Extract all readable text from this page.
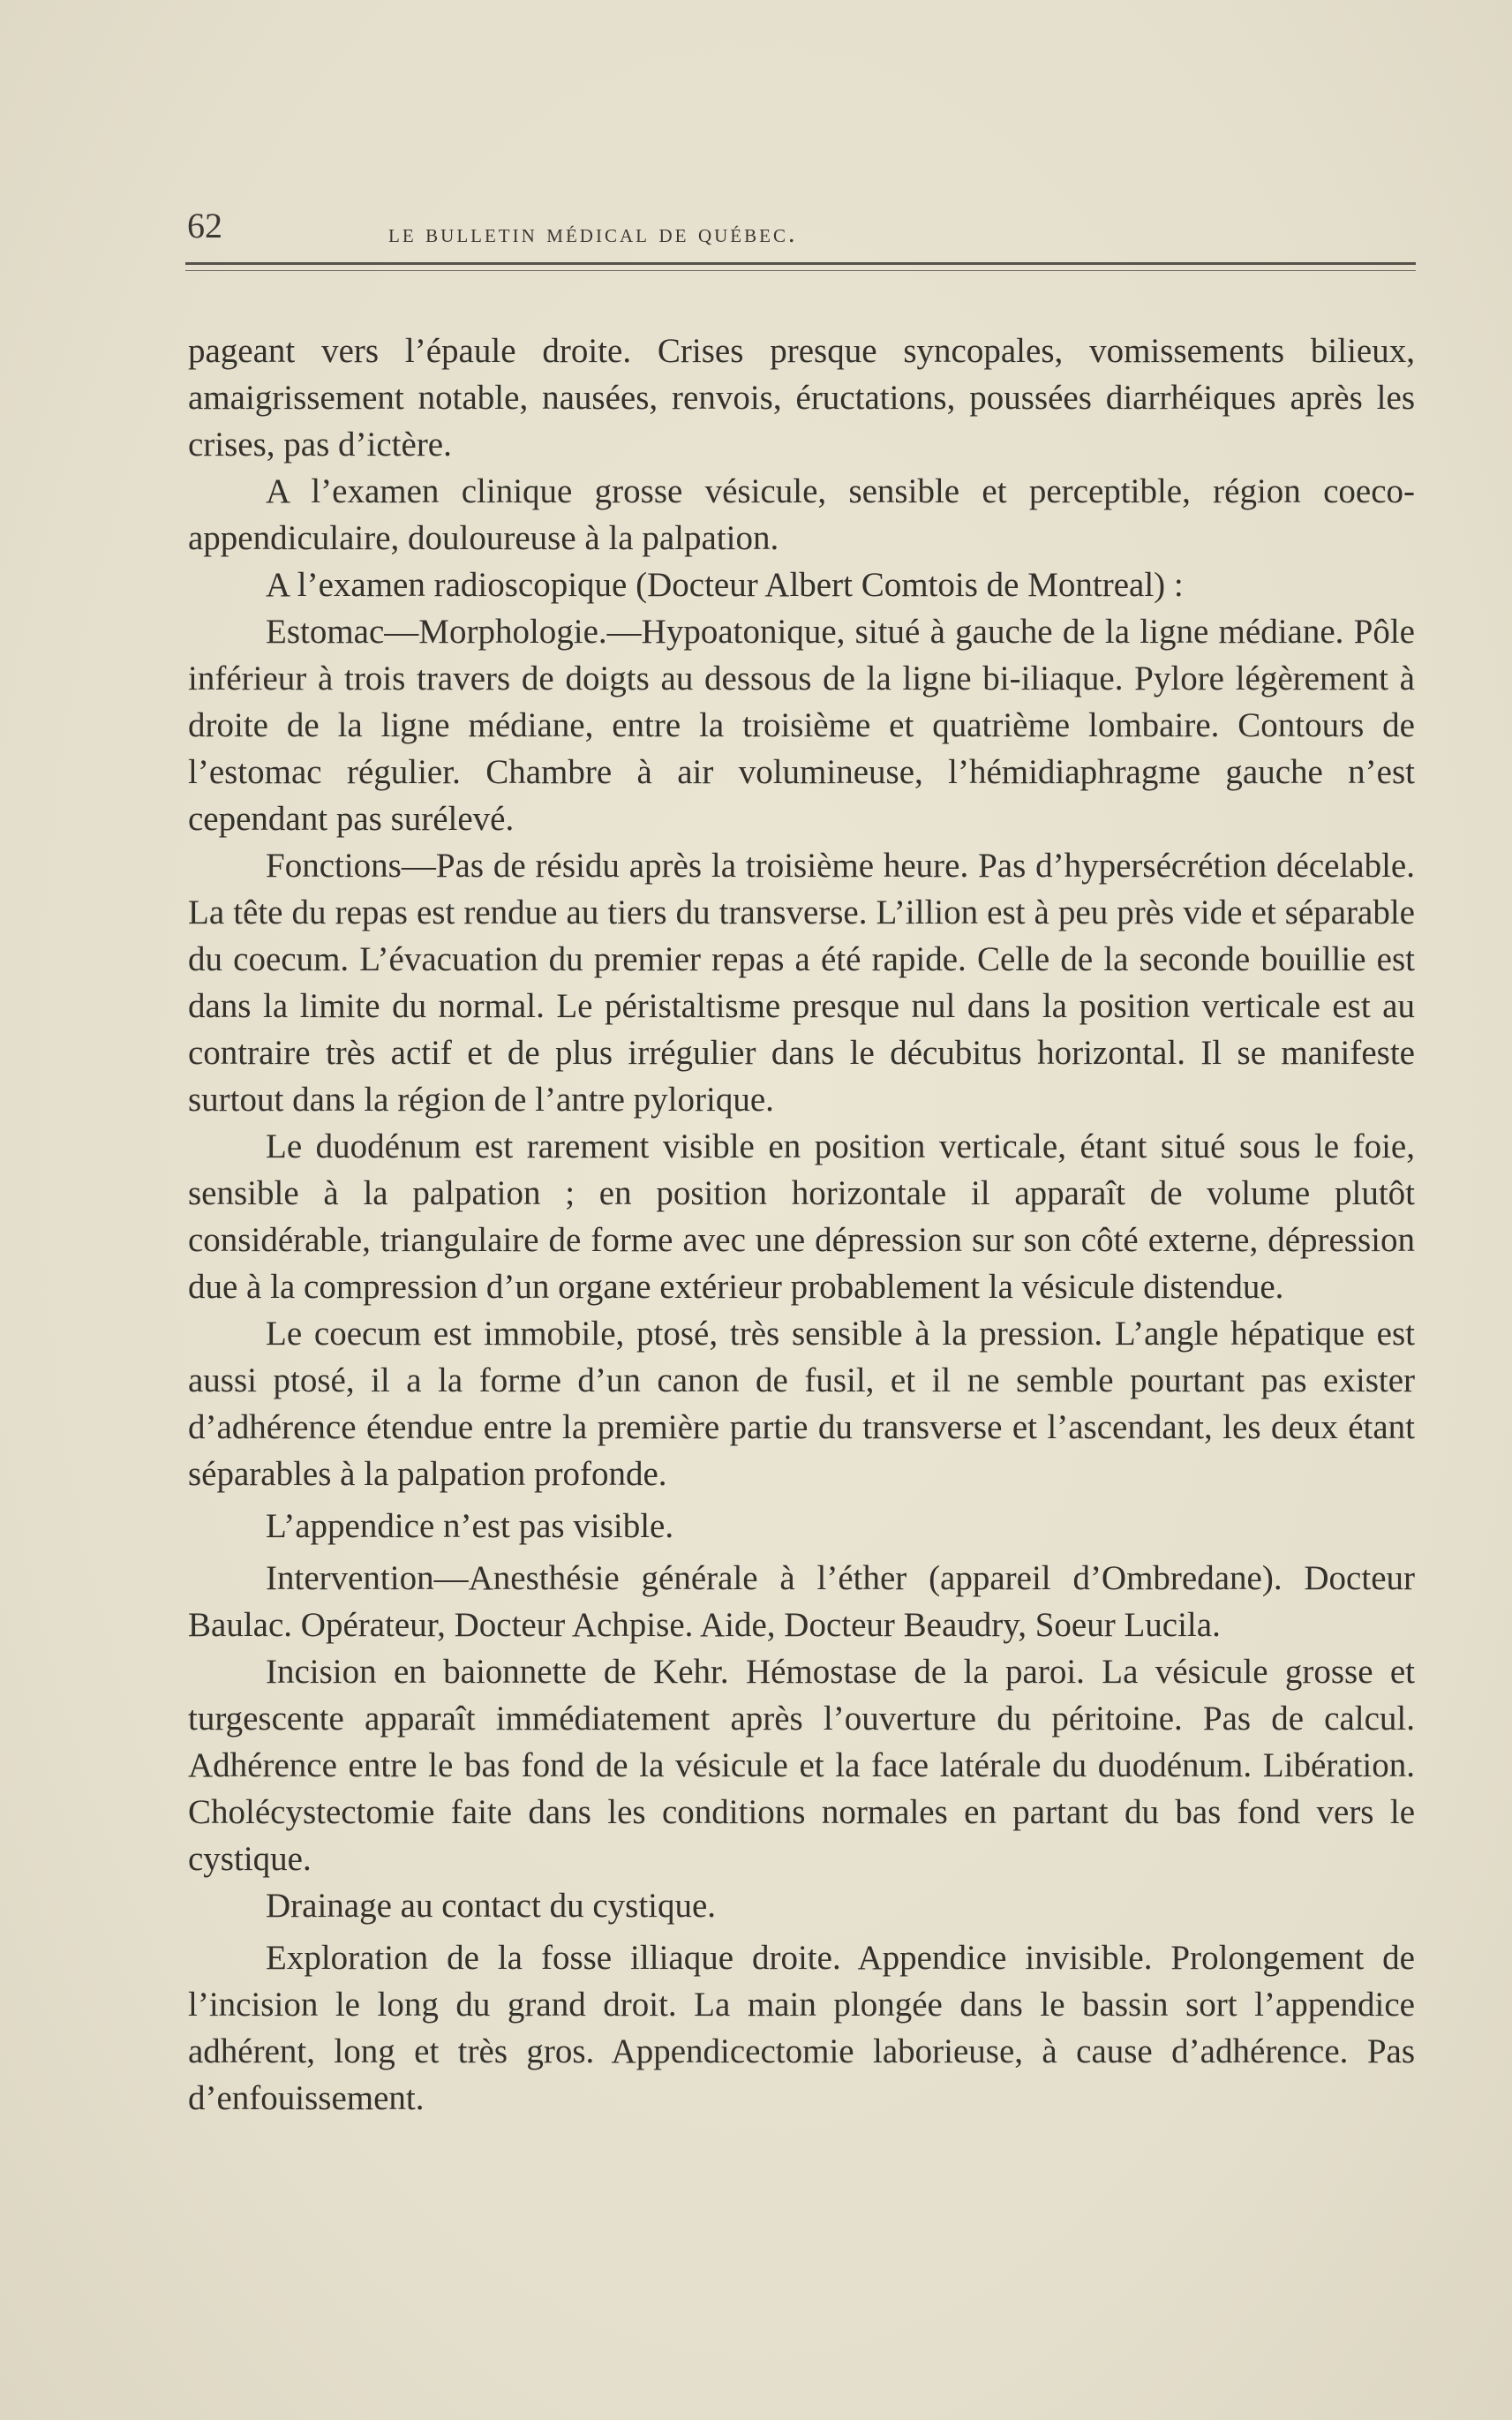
62	le bulletin médical de québec.

pageant vers l’épaule droite. Crises presque syncopales, vomissements bilieux, amaigrissement notable, nausées, renvois, éructations, poussées diarrhéiques après les crises, pas d’ictère.

A l’examen clinique grosse vésicule, sensible et perceptible, région coeco-appendiculaire, douloureuse à la palpation.

A l’examen radioscopique (Docteur Albert Comtois de Montreal) :

Estomac—Morphologie.—Hypoatonique, situé à gauche de la ligne médiane. Pôle inférieur à trois travers de doigts au dessous de la ligne bi-iliaque. Pylore légèrement à droite de la ligne médiane, entre la troisième et quatrième lombaire. Contours de l’estomac régulier. Chambre à air volumineuse, l’hémidiaphragme gauche n’est cependant pas surélevé.

Fonctions—Pas de résidu après la troisième heure. Pas d’hypersécrétion décelable. La tête du repas est rendue au tiers du transverse. L’illion est à peu près vide et séparable du coecum. L’évacuation du premier repas a été rapide. Celle de la seconde bouillie est dans la limite du normal. Le péristaltisme presque nul dans la position verticale est au contraire très actif et de plus irrégulier dans le décubitus horizontal. Il se manifeste surtout dans la région de l’antre pylorique.

Le duodénum est rarement visible en position verticale, étant situé sous le foie, sensible à la palpation ; en position horizontale il apparaît de volume plutôt considérable, triangulaire de forme avec une dépression sur son côté externe, dépression due à la compression d’un organe extérieur probablement la vésicule distendue.

Le coecum est immobile, ptosé, très sensible à la pression. L’angle hépatique est aussi ptosé, il a la forme d’un canon de fusil, et il ne semble pourtant pas exister d’adhérence étendue entre la première partie du transverse et l’ascendant, les deux étant séparables à la palpation profonde.

L’appendice n’est pas visible.

Intervention—Anesthésie générale à l’éther (appareil d’Ombredane). Docteur Baulac. Opérateur, Docteur Achpise. Aide, Docteur Beaudry, Soeur Lucila.

Incision en baionnette de Kehr. Hémostase de la paroi. La vésicule grosse et turgescente apparaît immédiatement après l’ouverture du péritoine. Pas de calcul. Adhérence entre le bas fond de la vésicule et la face latérale du duodénum. Libération. Cholécystectomie faite dans les conditions normales en partant du bas fond vers le cystique.

Drainage au contact du cystique.

Exploration de la fosse illiaque droite. Appendice invisible. Prolongement de l’incision le long du grand droit. La main plongée dans le bassin sort l’appendice adhérent, long et très gros. Appendicectomie laborieuse, à cause d’adhérence. Pas d’enfouissement.
